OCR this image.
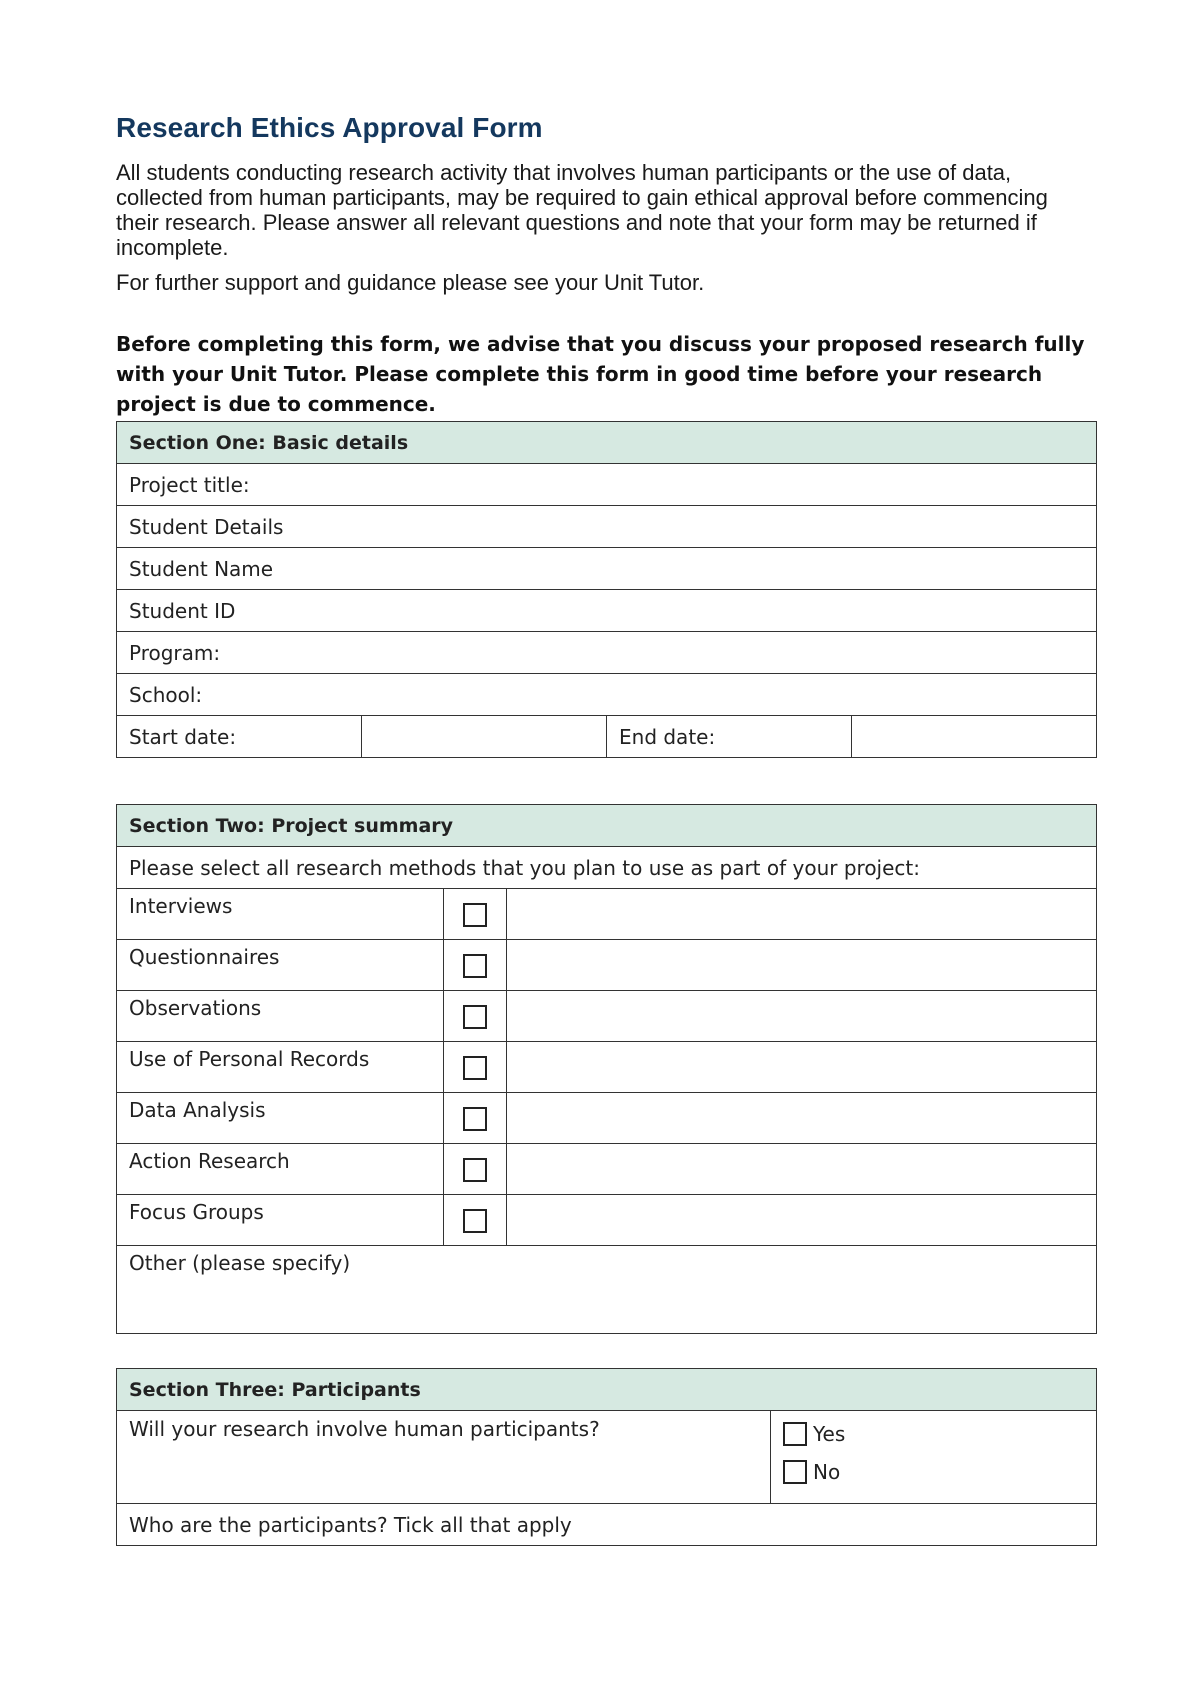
Research Ethics Approval Form

All students conducting research activity that involves human participants or the use of data, collected from human participants, may be required to gain ethical approval before commencing their research. Please answer all relevant questions and note that your form may be returned if incomplete.

For further support and guidance please see your Unit Tutor.

Before completing this form, we advise that you discuss your proposed research fully with your Unit Tutor. Please complete this form in good time before your research project is due to commence.

Section One: Basic details
Project title:
Student Details
Student Name
Student ID
Program:
School:
Start date:		End date:	
Section Two: Project summary		
Please select all research methods that you plan to use as part of your project:		
Interviews		
Questionnaires		
Observations		
Use of Personal Records		
Data Analysis		
Action Research		
Focus Groups		
Other (please specify)		
Section Three: Participants
Will your research involve human participants?	Yes
No

Who are the participants? Tick all that apply
